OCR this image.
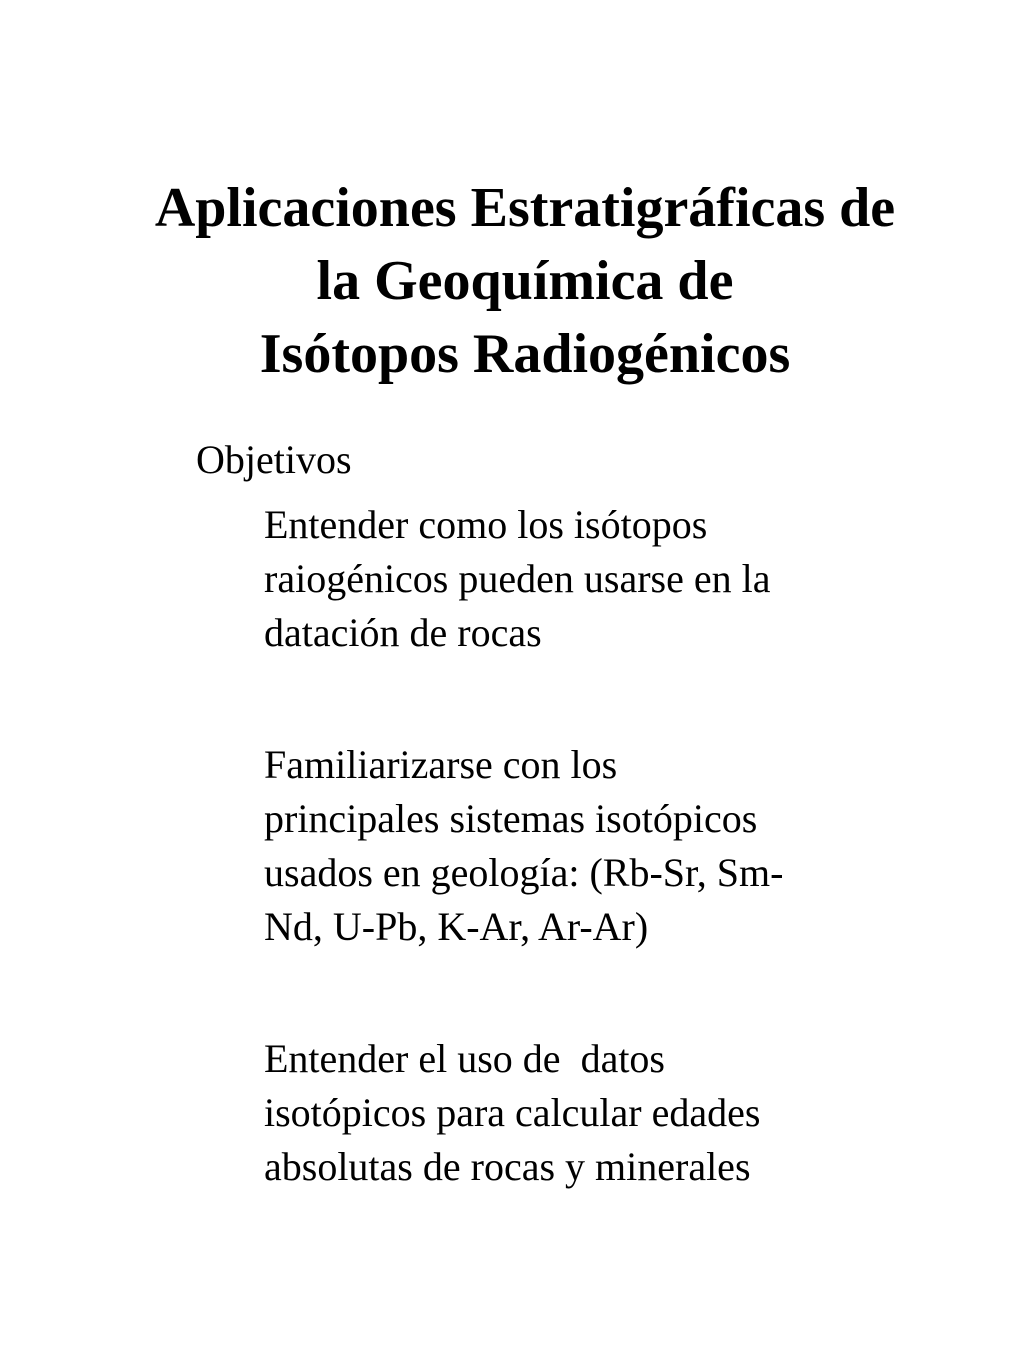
Aplicaciones Estratigráficas de
la Geoquímica de
Isótopos Radiogénicos
Objetivos

Entender como los isótopos
raiogénicos pueden usarse en la
datación de rocas

Familiarizarse con los
principales sistemas isotópicos
usados en geología: (Rb-Sr, Sm-
Nd, U-Pb, K-Ar, Ar-Ar)

Entender el uso de  datos
isotópicos para calcular edades
absolutas de rocas y minerales
